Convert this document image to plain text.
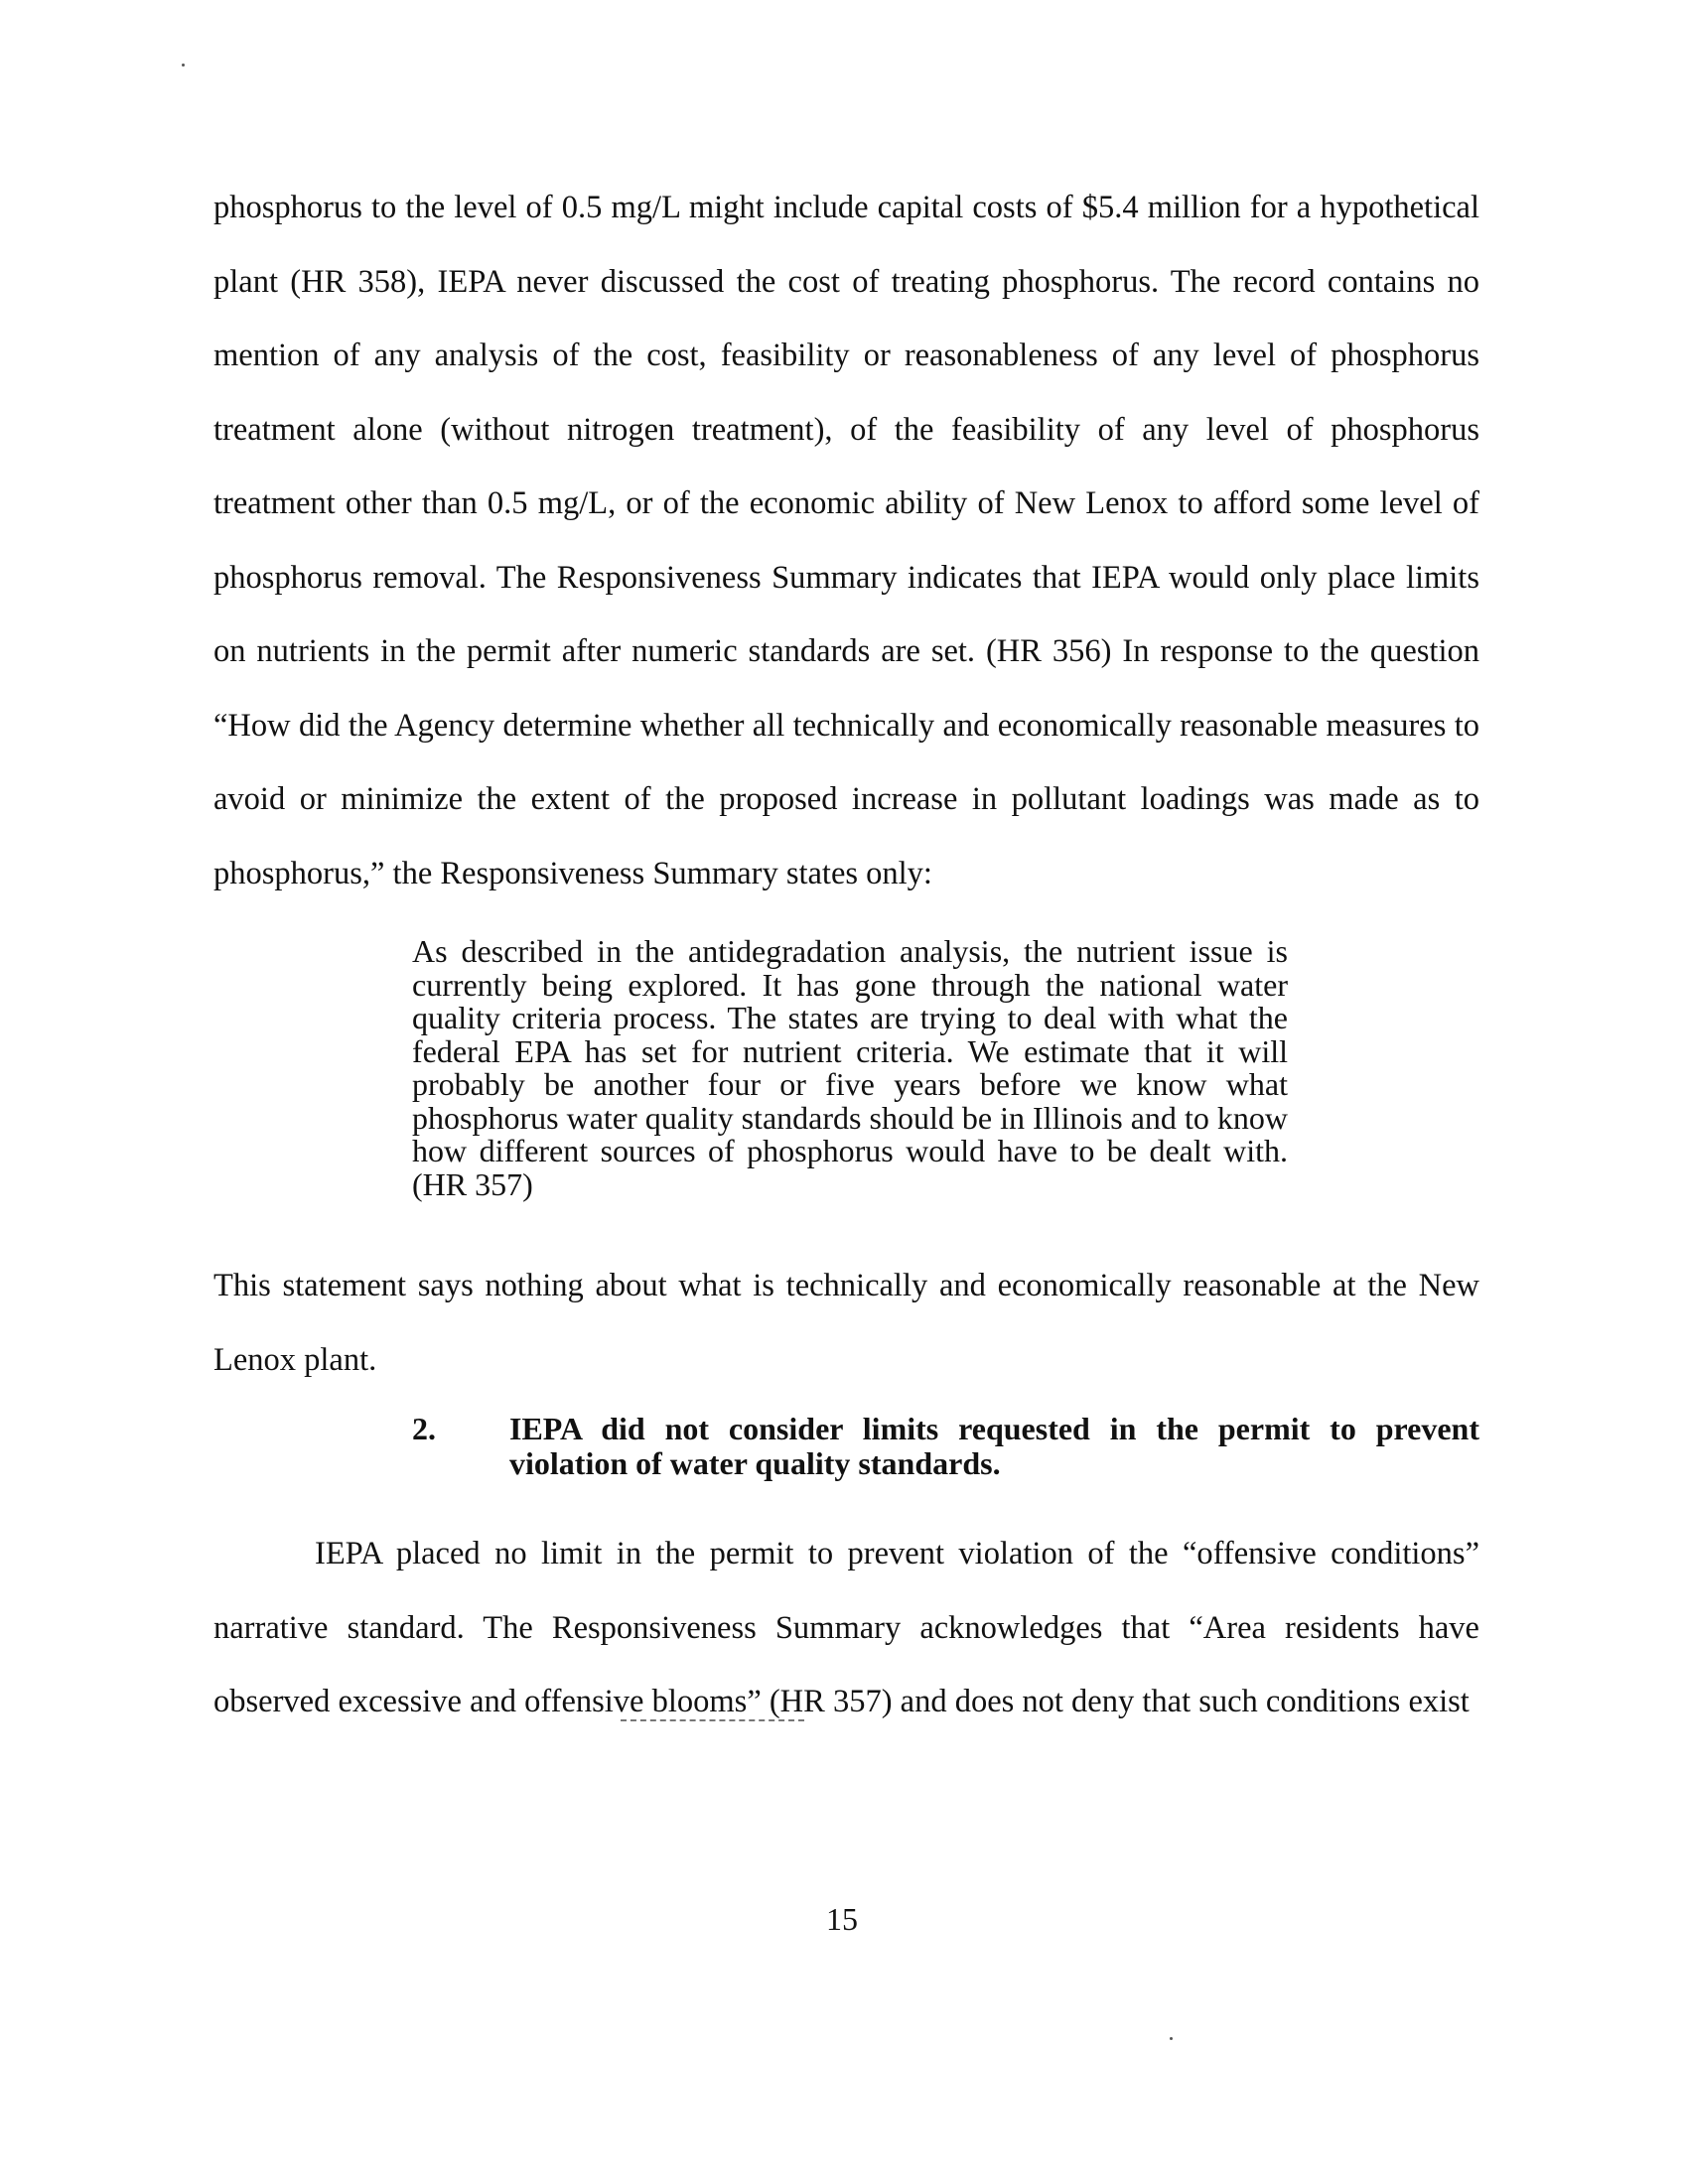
phosphorus to the level of 0.5 mg/L might include capital costs of $5.4 million for a hypothetical plant (HR 358), IEPA never discussed the cost of treating phosphorus. The record contains no mention of any analysis of the cost, feasibility or reasonableness of any level of phosphorus treatment alone (without nitrogen treatment), of the feasibility of any level of phosphorus treatment other than 0.5 mg/L, or of the economic ability of New Lenox to afford some level of phosphorus removal. The Responsiveness Summary indicates that IEPA would only place limits on nutrients in the permit after numeric standards are set. (HR 356) In response to the question “How did the Agency determine whether all technically and economically reasonable measures to avoid or minimize the extent of the proposed increase in pollutant loadings was made as to phosphorus,” the Responsiveness Summary states only:

As described in the antidegradation analysis, the nutrient issue is currently being explored. It has gone through the national water quality criteria process. The states are trying to deal with what the federal EPA has set for nutrient criteria. We estimate that it will probably be another four or five years before we know what phosphorus water quality standards should be in Illinois and to know how different sources of phosphorus would have to be dealt with. (HR 357)

This statement says nothing about what is technically and economically reasonable at the New Lenox plant.

2. IEPA did not consider limits requested in the permit to prevent violation of water quality standards.

IEPA placed no limit in the permit to prevent violation of the “offensive conditions” narrative standard. The Responsiveness Summary acknowledges that “Area residents have observed excessive and offensive blooms” (HR 357) and does not deny that such conditions exist

15
